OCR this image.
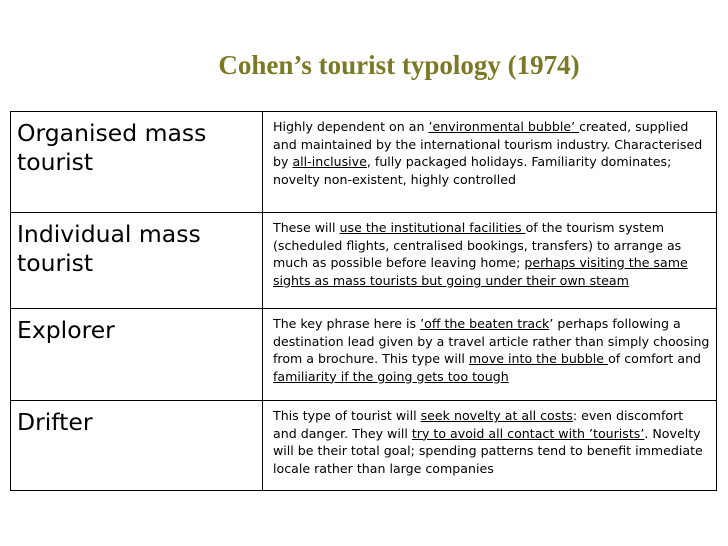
Cohen’s tourist typology (1974)
Organised mass tourist	Highly dependent on an ’environmental bubble’ created, supplied and maintained by the international tourism industry. Characterised by all-inclusive, fully packaged holidays. Familiarity dominates; novelty non-existent, highly controlled
Individual mass tourist	These will use the institutional facilities of the tourism system (scheduled flights, centralised bookings, transfers) to arrange as much as possible before leaving home; perhaps visiting the same sights as mass tourists but going under their own steam
Explorer	The key phrase here is ’off the beaten track’ perhaps following a destination lead given by a travel article rather than simply choosing from a brochure. This type will move into the bubble of comfort and familiarity if the going gets too tough
Drifter	This type of tourist will seek novelty at all costs: even discomfort and danger. They will try to avoid all contact with ’tourists’. Novelty will be their total goal; spending patterns tend to benefit immediate locale rather than large companies
